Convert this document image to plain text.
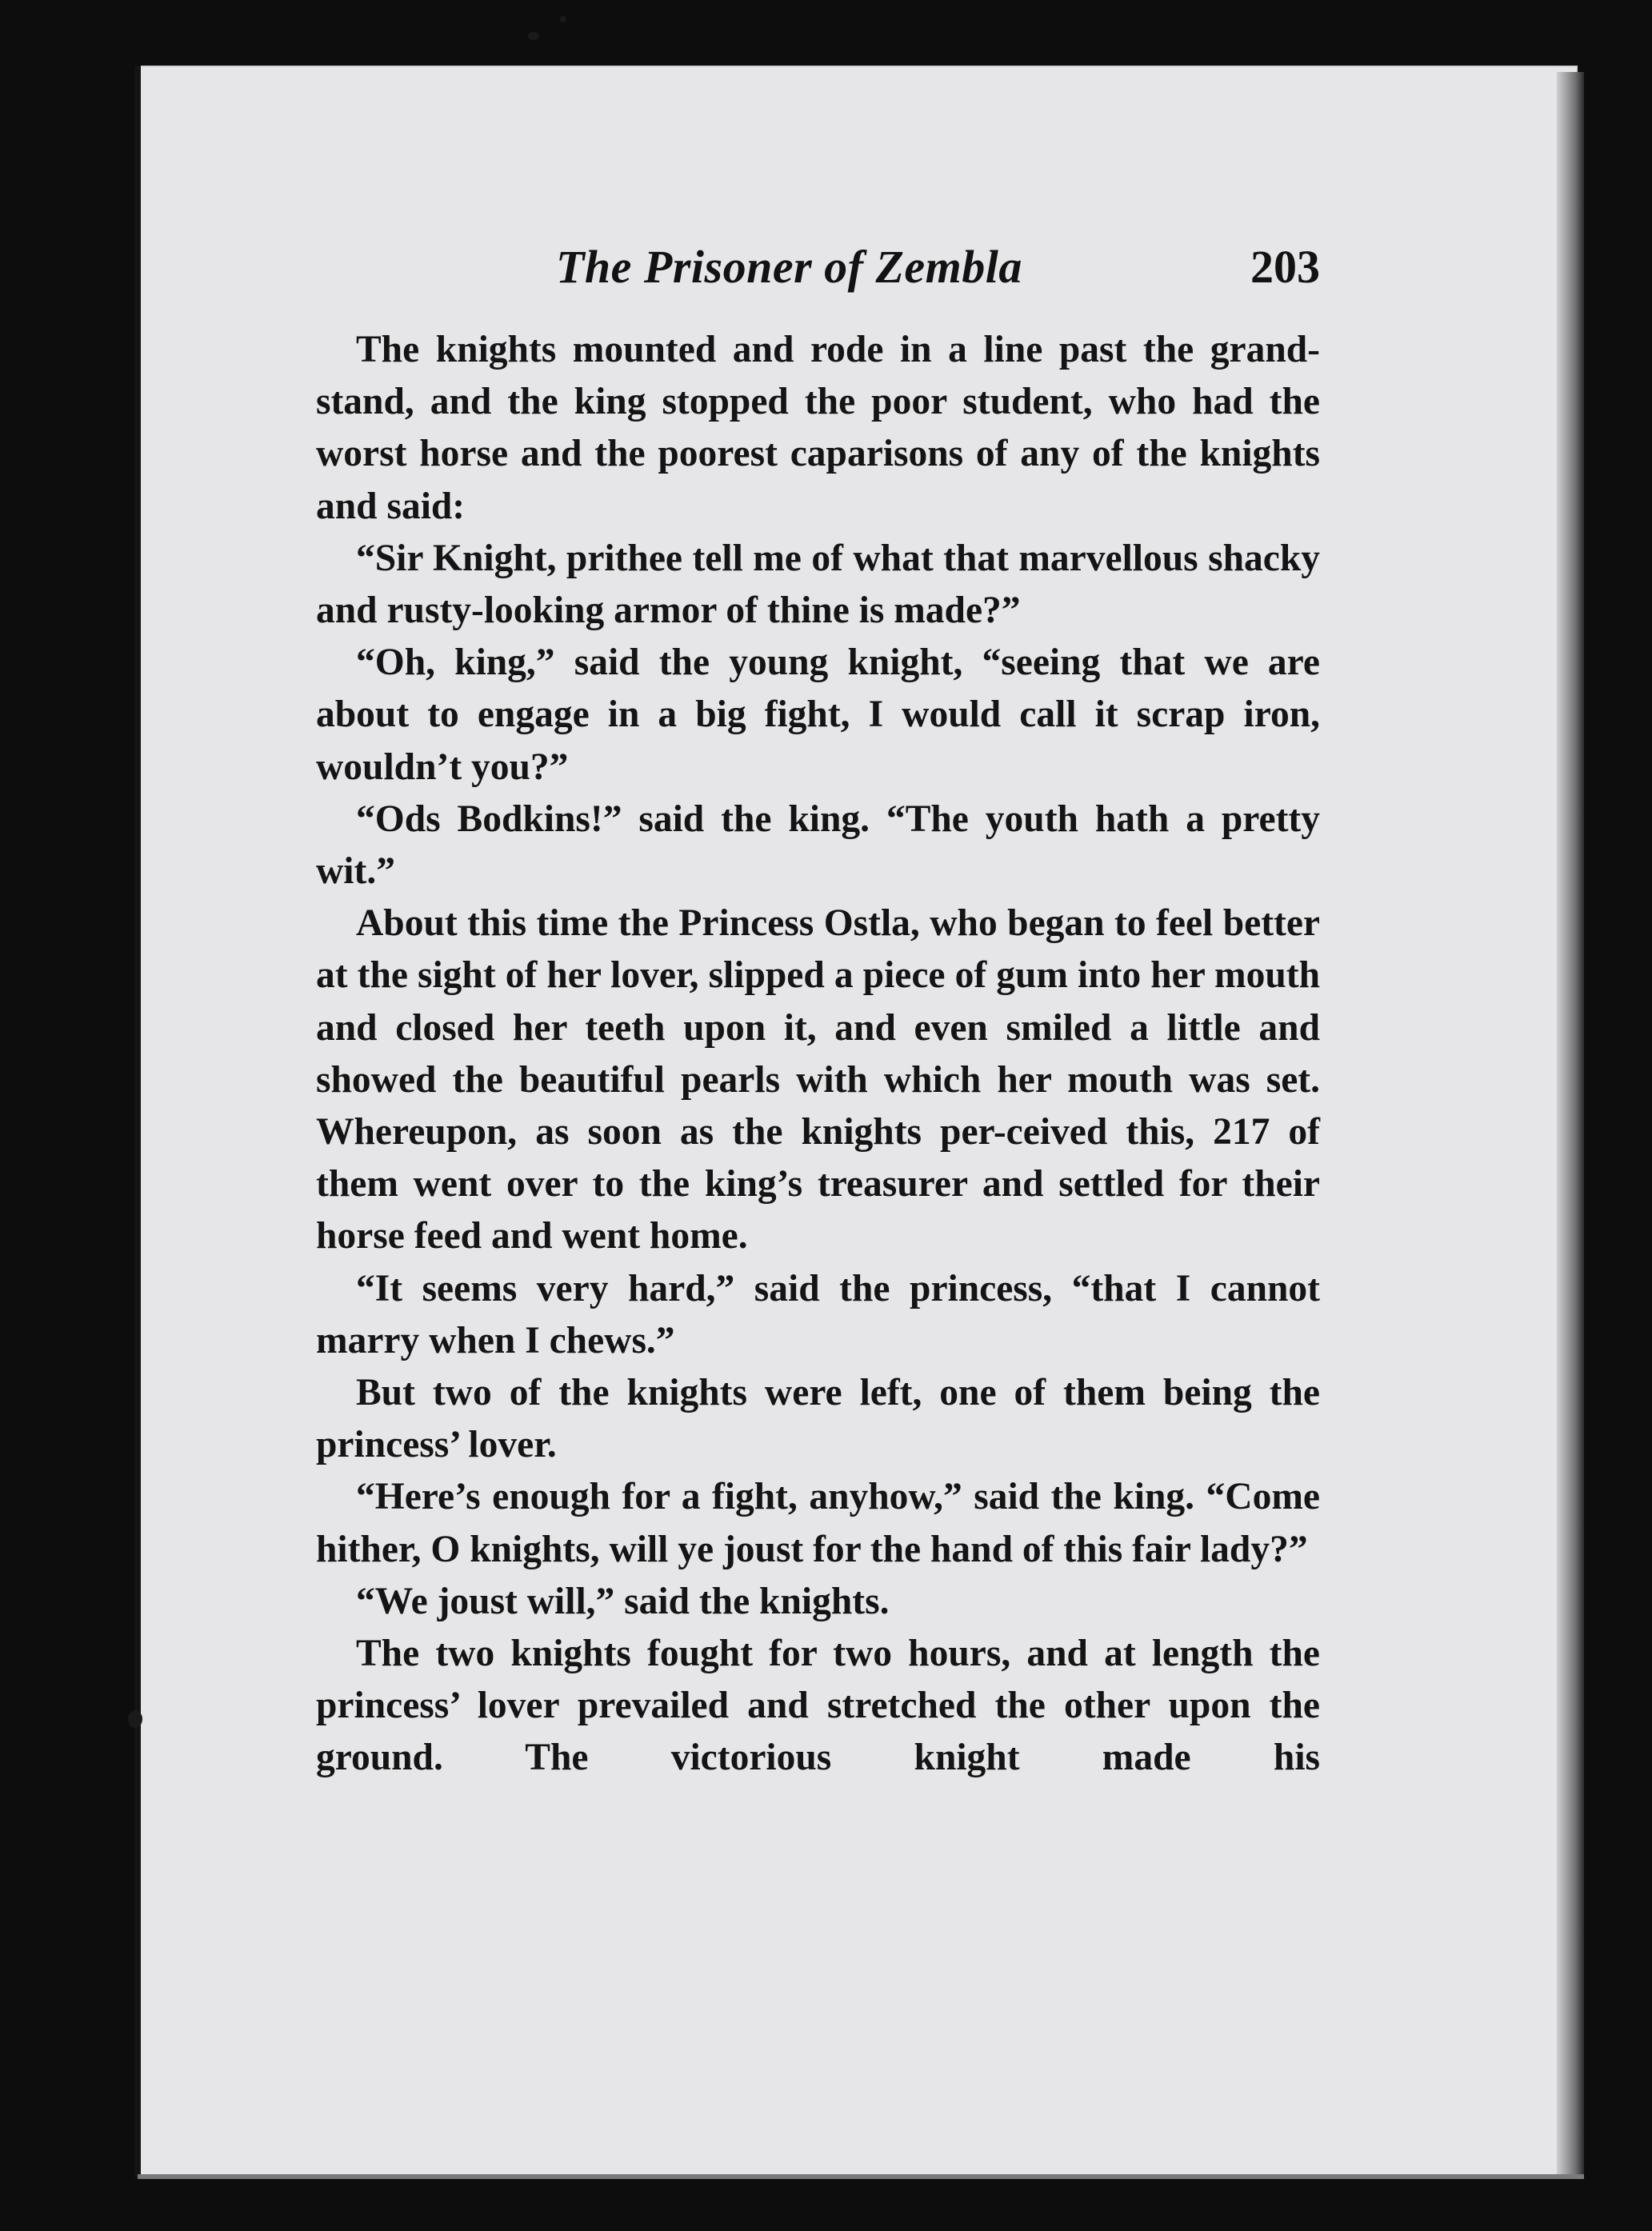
The Prisoner of Zembla	203

The knights mounted and rode in a line past the grand-stand, and the king stopped the poor student, who had the worst horse and the poorest caparisons of any of the knights and said:

“Sir Knight, prithee tell me of what that marvellous shacky and rusty-looking armor of thine is made?”

“Oh, king,” said the young knight, “seeing that we are about to engage in a big fight, I would call it scrap iron, wouldn’t you?”

“Ods Bodkins!” said the king. “The youth hath a pretty wit.”

About this time the Princess Ostla, who began to feel better at the sight of her lover, slipped a piece of gum into her mouth and closed her teeth upon it, and even smiled a little and showed the beautiful pearls with which her mouth was set. Whereupon, as soon as the knights per-ceived this, 217 of them went over to the king’s treasurer and settled for their horse feed and went home.

“It seems very hard,” said the princess, “that I cannot marry when I chews.”

But two of the knights were left, one of them being the princess’ lover.

“Here’s enough for a fight, anyhow,” said the king. “Come hither, O knights, will ye joust for the hand of this fair lady?”

“We joust will,” said the knights.

The two knights fought for two hours, and at length the princess’ lover prevailed and stretched the other upon the ground. The victorious knight made his
